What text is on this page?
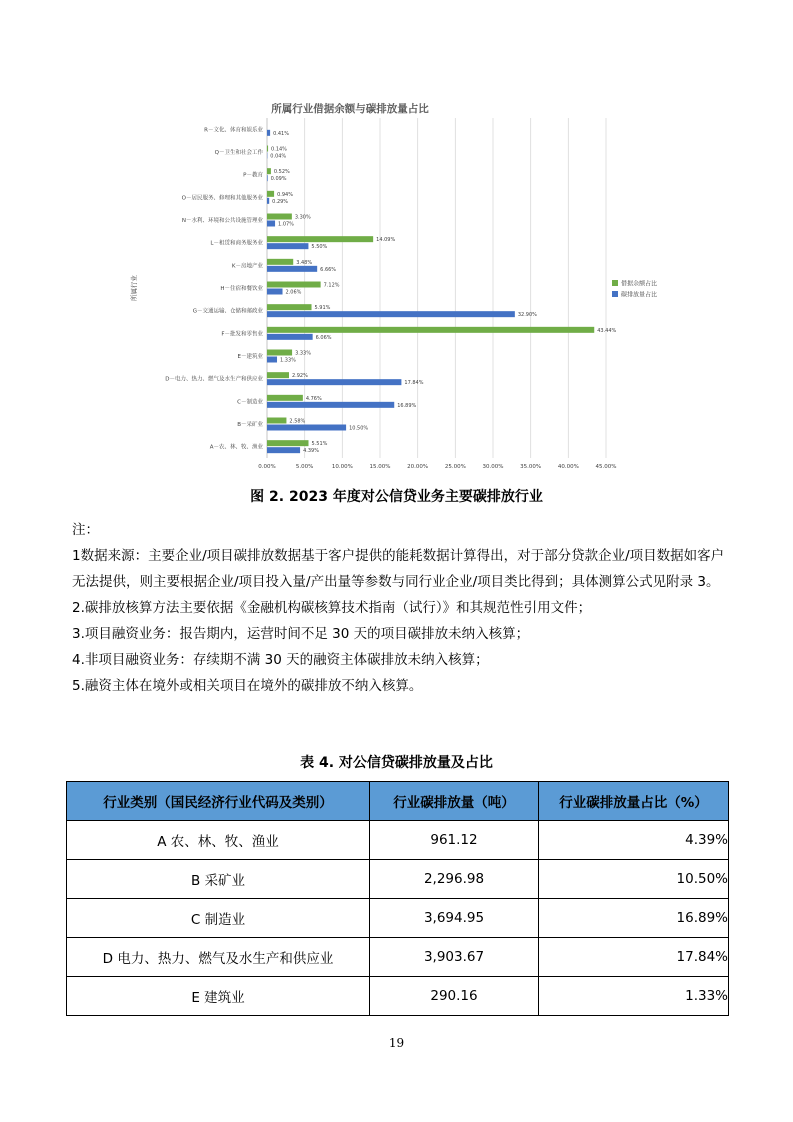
所属行业借据余额与碳排放量占比
0.00%	5.00%	10.00%	15.00%	20.00%	25.00%	30.00%	35.00%	40.00%	45.00%
所属行业
R－文化、体育和娱乐业
0.41%
Q－卫生和社会工作
0.14%
0.04%
P－教育
0.52%
0.09%
O－居民服务、修理和其他服务业
0.94%
0.29%
N－水利、环境和公共设施管理业
3.30%
1.07%
L－租赁和商务服务业
14.09%
5.50%
K－房地产业
3.48%
6.66%
H－住宿和餐饮业
7.12%
2.06%
G－交通运输、仓储和邮政业
5.91%
32.90%
F－批发和零售业
43.44%
6.06%
E－建筑业
3.33%
1.33%
D－电力、热力、燃气及水生产和供应业
2.92%
17.84%
C－制造业
4.76%
16.89%
B－采矿业
2.58%
10.50%
A－农、林、牧、渔业
5.51%
4.39%
借据余额占比
碳排放量占比
图 2. 2023 年度对公信贷业务主要碳排放行业

注：

1数据来源：主要企业/项目碳排放数据基于客户提供的能耗数据计算得出，对于部分贷款企业/项目数据如客户无法提供，则主要根据企业/项目投入量/产出量等参数与同行业企业/项目类比得到；具体测算公式见附录 3。

2.碳排放核算方法主要依据《金融机构碳核算技术指南（试行）》和其规范性引用文件；

3.项目融资业务：报告期内，运营时间不足 30 天的项目碳排放未纳入核算；

4.非项目融资业务：存续期不满 30 天的融资主体碳排放未纳入核算；

5.融资主体在境外或相关项目在境外的碳排放不纳入核算。

表 4. 对公信贷碳排放量及占比
行业类别（国民经济行业代码及类别）	行业碳排放量（吨）	行业碳排放量占比（%）
A 农、林、牧、渔业	961.12	4.39%
B 采矿业	2,296.98	10.50%
C 制造业	3,694.95	16.89%
D 电力、热力、燃气及水生产和供应业	3,903.67	17.84%
E 建筑业	290.16	1.33%
19
